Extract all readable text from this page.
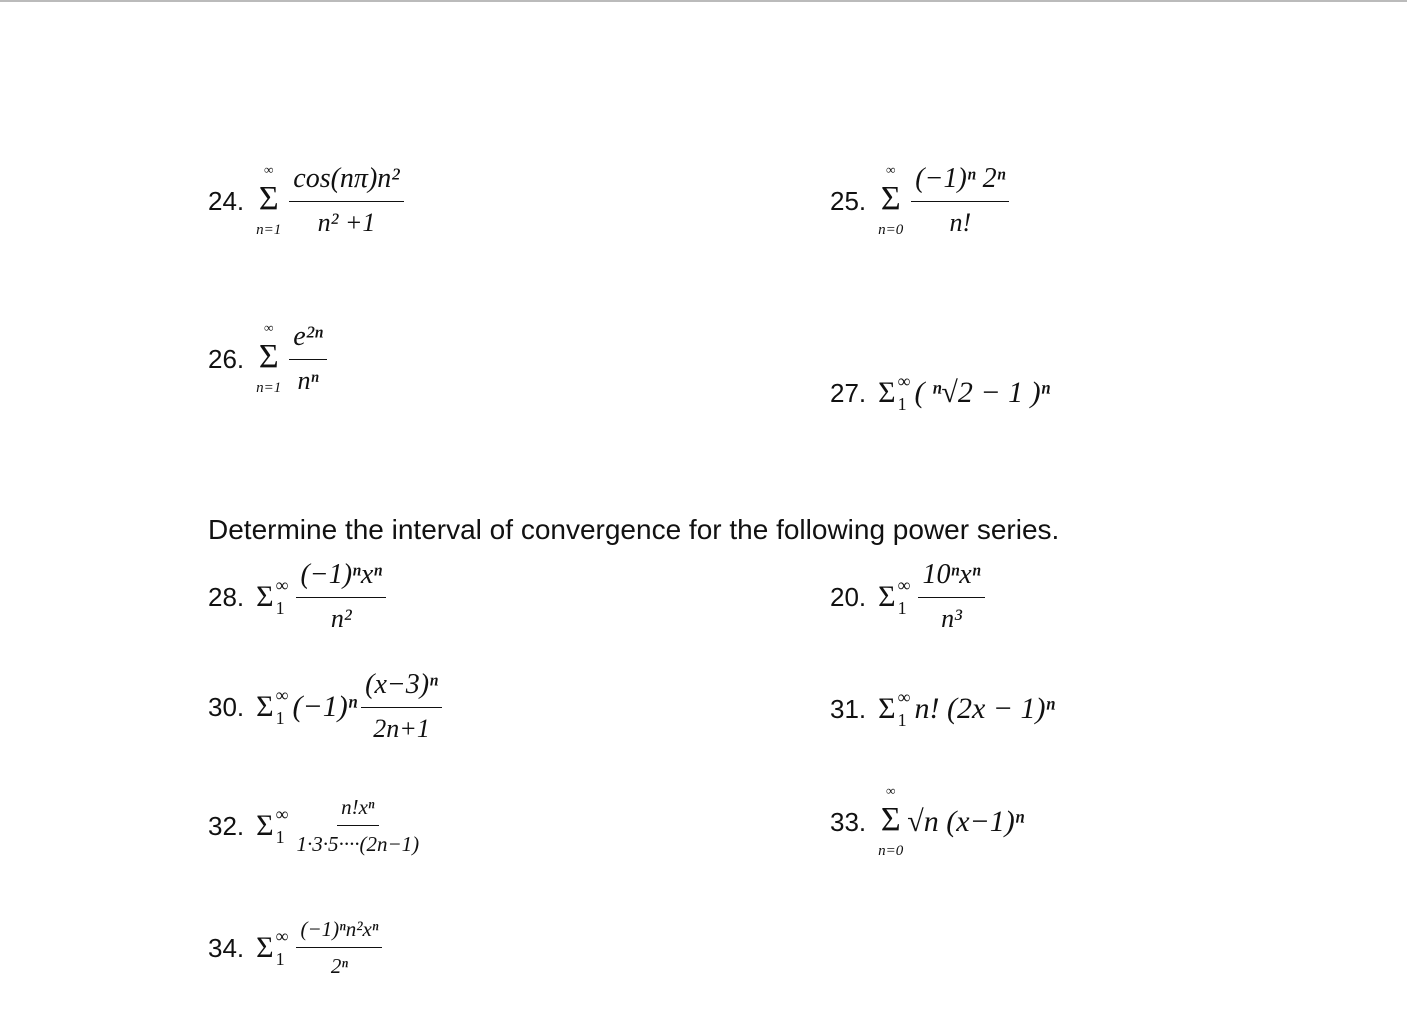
Determine the interval of convergence for the following power series.
24.
∞
Σ
$n=1 \frac{\text{cos(nπ)n²}}{\text{n² +1}}$	25.
∞
Σ
$n=0 \frac{\text{(−1)ⁿ 2ⁿ}}{n!}$
26.
∞
Σ
$n=1 \frac{\text{e²ⁿ}}{\text{nⁿ}}$	27. Σ ∞
1 ( ⁿ√2 − 1 )ⁿ
28. Σ ∞
$1 \frac{\text{(−1)ⁿxⁿ}}{\text{n²}}$	20. Σ ∞
$1 \frac{\text{10ⁿxⁿ}}{\text{n³}}$
30. Σ ∞
1 $(-1)^n \frac{\text{(x−3)ⁿ}}{2n+1}$	31. Σ ∞
1 n! (2x − 1)ⁿ
32. Σ ∞
$1 \frac{\text{n!xⁿ}}{1\cdot 3\cdot 5\cdot\cdot\cdot\cdot(2n-1)}$	33.
∞
Σ
n=0
√n (x−1)ⁿ
34. Σ ∞
$1 \frac{\text{(−1)ⁿn²xⁿ}}{\text{2ⁿ}}$
